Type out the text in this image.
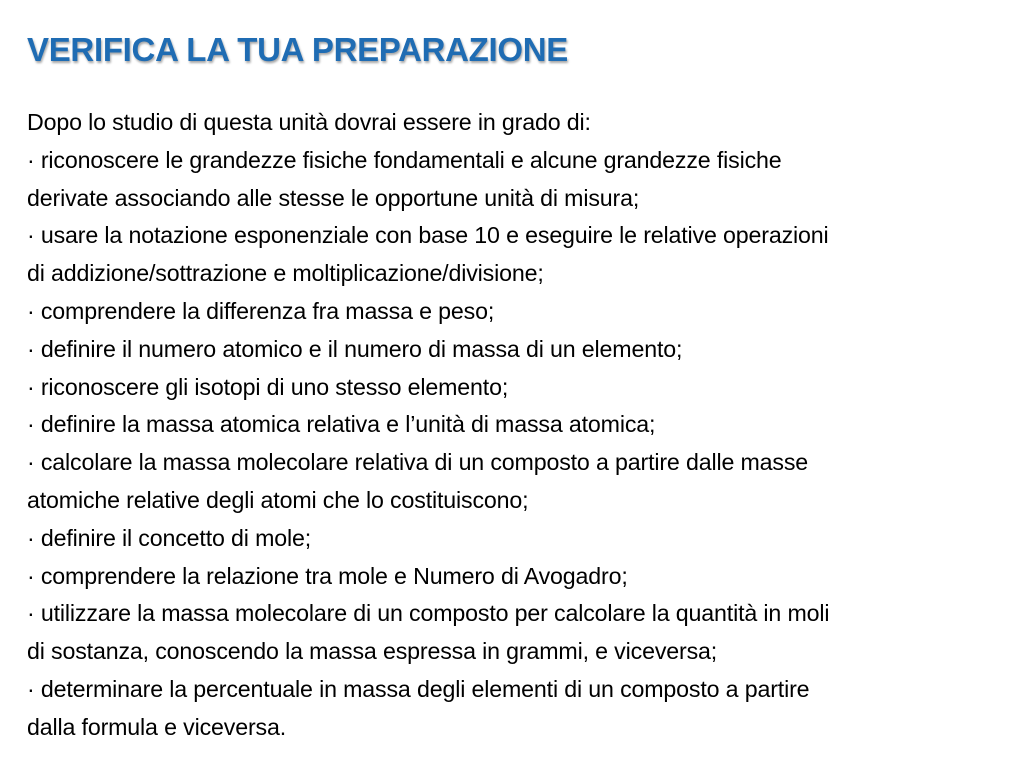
VERIFICA LA TUA PREPARAZIONE
Dopo lo studio di questa unità dovrai essere in grado di:
· riconoscere le grandezze fisiche fondamentali e alcune grandezze fisiche
derivate associando alle stesse le opportune unità di misura;
· usare la notazione esponenziale con base 10 e eseguire le relative operazioni
di addizione/sottrazione e moltiplicazione/divisione;
· comprendere la differenza fra massa e peso;
· definire il numero atomico e il numero di massa di un elemento;
· riconoscere gli isotopi di uno stesso elemento;
· definire la massa atomica relativa e l’unità di massa atomica;
· calcolare la massa molecolare relativa di un composto a partire dalle masse
atomiche relative degli atomi che lo costituiscono;
· definire il concetto di mole;
· comprendere la relazione tra mole e Numero di Avogadro;
· utilizzare la massa molecolare di un composto per calcolare la quantità in moli
di sostanza, conoscendo la massa espressa in grammi, e viceversa;
· determinare la percentuale in massa degli elementi di un composto a partire
dalla formula e viceversa.
